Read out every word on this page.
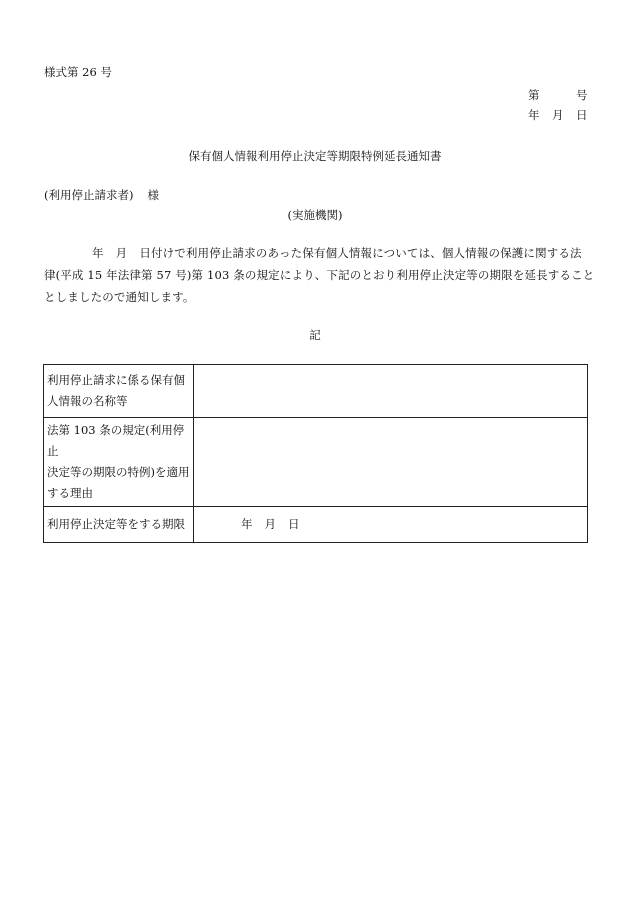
様式第 26 号
第	号
年 月 日
保有個人情報利用停止決定等期限特例延長通知書
(利用停止請求者) 様
(実施機関)
年 月 日付けで利用停止請求のあった保有個人情報については、個人情報の保護に関する法
律(平成 15 年法律第 57 号)第 103 条の規定により、下記のとおり利用停止決定等の期限を延長すること
としましたので通知します。
記
利用停止請求に係る保有個
人情報の名称等	

法第 103 条の規定(利用停止
決定等の期限の特例)を適用
する理由	

利用停止決定等をする期限	年 月 日
